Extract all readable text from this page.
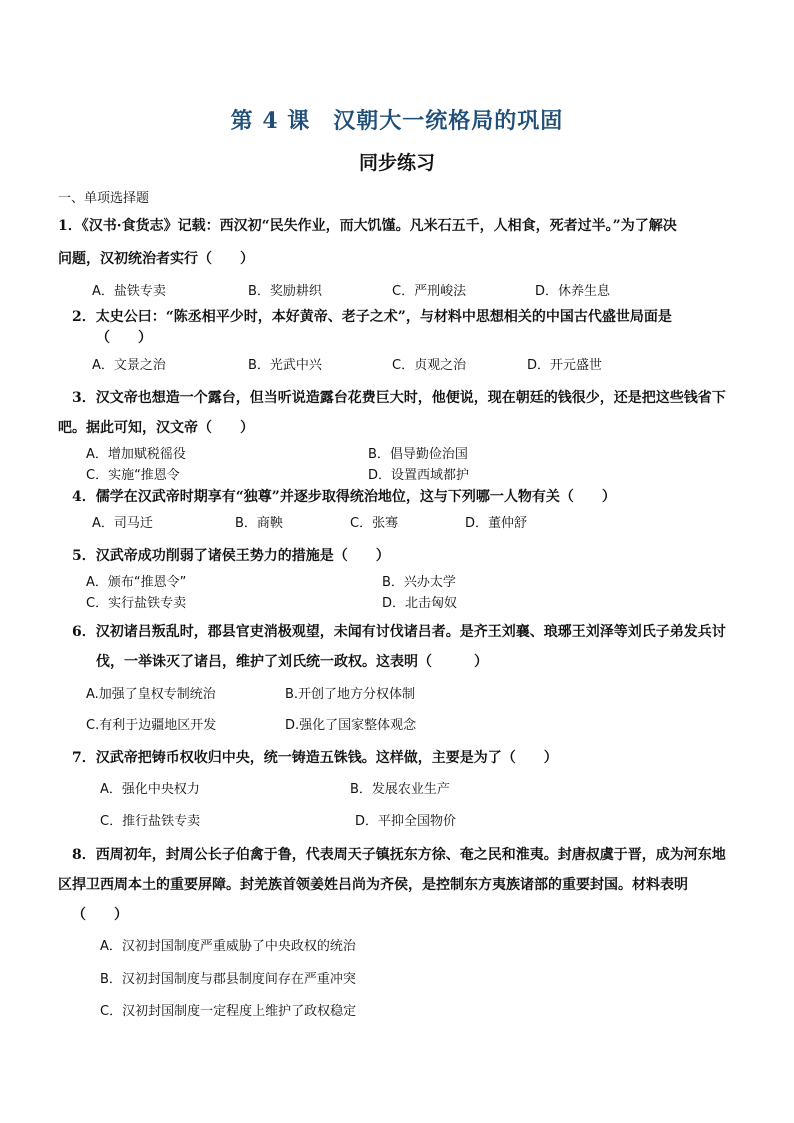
第 4 课　汉朝大一统格局的巩固
同步练习
一、单项选择题
1．《汉书·食货志》记载：西汉初“民失作业，而大饥馑。凡米石五千，人相食，死者过半。”为了解决
问题，汉初统治者实行（　　）
A．盐铁专卖	B．奖励耕织	C．严刑峻法	D．休养生息
2．太史公曰：“陈丞相平少时，本好黄帝、老子之术”，与材料中思想相关的中国古代盛世局面是
（　　）
A．文景之治	B．光武中兴	C．贞观之治	D．开元盛世
3．汉文帝也想造一个露台，但当听说造露台花费巨大时，他便说，现在朝廷的钱很少，还是把这些钱省下
吧。据此可知，汉文帝（　　）
A．增加赋税徭役	B．倡导勤俭治国
C．实施“推恩令	D．设置西域都护
4．儒学在汉武帝时期享有“独尊”并逐步取得统治地位，这与下列哪一人物有关（　　）
A．司马迁	B．商鞅	C．张骞	D．董仲舒
5．汉武帝成功削弱了诸侯王势力的措施是（　　）
A．颁布“推恩令”	B．兴办太学
C．实行盐铁专卖	D．北击匈奴
6．汉初诸吕叛乱时，郡县官吏消极观望，未闻有讨伐诸吕者。是齐王刘襄、琅琊王刘泽等刘氏子弟发兵讨
伐，一举诛灭了诸吕，维护了刘氏统一政权。这表明（　　　）
A.加强了皇权专制统治	B.开创了地方分权体制
C.有利于边疆地区开发	D.强化了国家整体观念
7．汉武帝把铸币权收归中央，统一铸造五铢钱。这样做，主要是为了（　　）
A．强化中央权力	B．发展农业生产
C．推行盐铁专卖	D．平抑全国物价
8．西周初年，封周公长子伯禽于鲁，代表周天子镇抚东方徐、奄之民和淮夷。封唐叔虞于晋，成为河东地
区捍卫西周本土的重要屏障。封羌族首领姜姓吕尚为齐侯，是控制东方夷族诸部的重要封国。材料表明
（　　）
A．汉初封国制度严重威胁了中央政权的统治
B．汉初封国制度与郡县制度间存在严重冲突
C．汉初封国制度一定程度上维护了政权稳定
